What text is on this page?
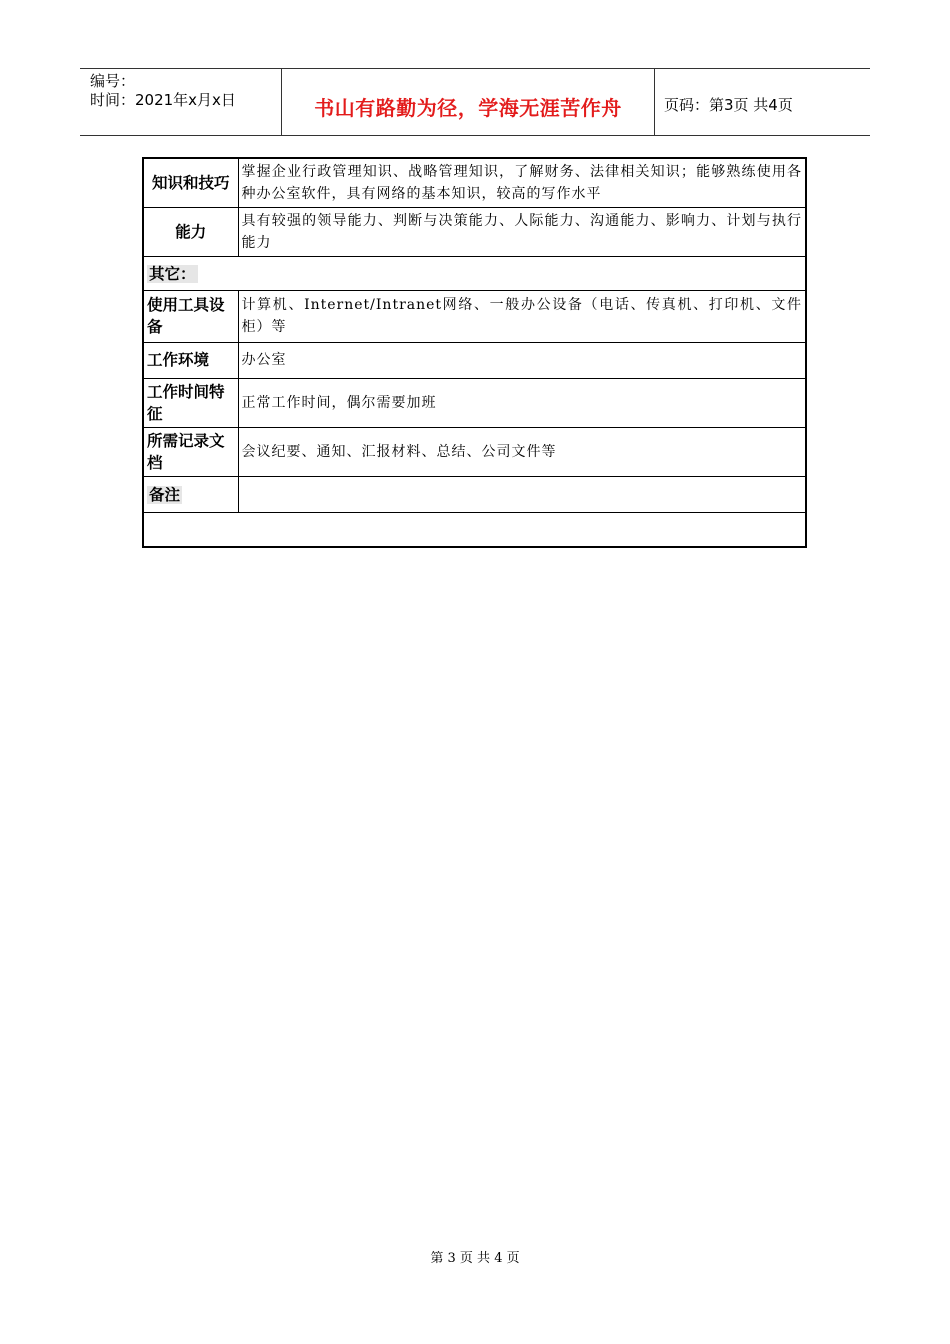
编号：
时间：2021年x月x日	书山有路勤为径，学海无涯苦作舟	页码：第3页 共4页
知识和技巧	掌握企业行政管理知识、战略管理知识，了解财务、法律相关知识；能够熟练使用各种办公室软件，具有网络的基本知识，较高的写作水平
能力	具有较强的领导能力、判断与决策能力、人际能力、沟通能力、影响力、计划与执行能力
其它：	
使用工具设备	计算机、Internet/Intranet网络、一般办公设备（电话、传真机、打印机、文件柜）等
工作环境	办公室
工作时间特征	正常工作时间，偶尔需要加班
所需记录文档	会议纪要、通知、汇报材料、总结、公司文件等
备注	

第 3 页 共 4 页
